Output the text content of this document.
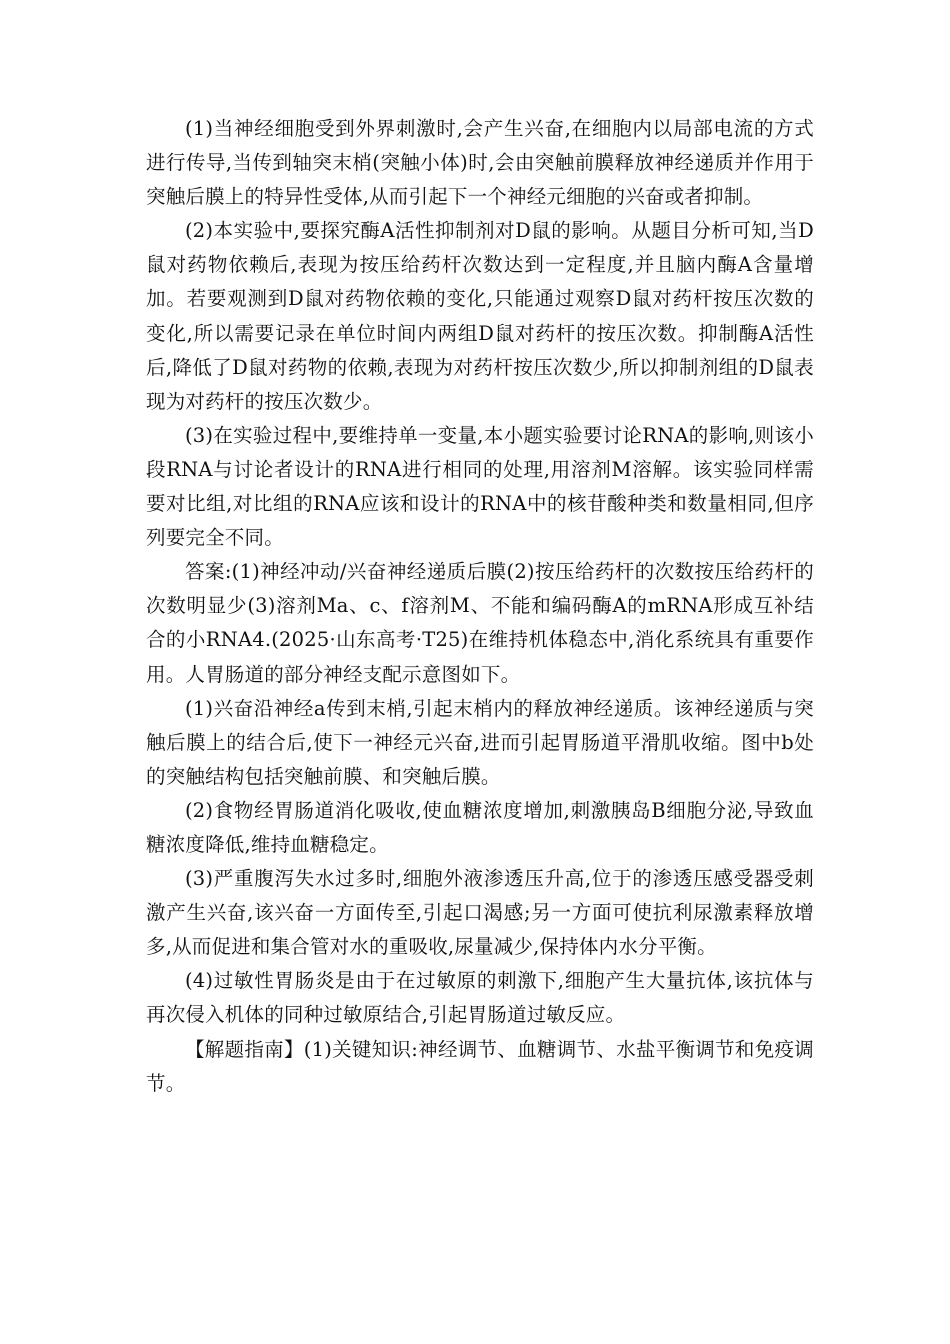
(1)当神经细胞受到外界刺激时,会产生兴奋,在细胞内以局部电流的方式进行传导,当传到轴突末梢(突触小体)时,会由突触前膜释放神经递质并作用于突触后膜上的特异性受体,从而引起下一个神经元细胞的兴奋或者抑制。

(2)本实验中,要探究酶A活性抑制剂对D鼠的影响。从题目分析可知,当D鼠对药物依赖后,表现为按压给药杆次数达到一定程度,并且脑内酶A含量增加。若要观测到D鼠对药物依赖的变化,只能通过观察D鼠对药杆按压次数的变化,所以需要记录在单位时间内两组D鼠对药杆的按压次数。抑制酶A活性后,降低了D鼠对药物的依赖,表现为对药杆按压次数少,所以抑制剂组的D鼠表现为对药杆的按压次数少。

(3)在实验过程中,要维持单一变量,本小题实验要讨论RNA的影响,则该小段RNA与讨论者设计的RNA进行相同的处理,用溶剂M溶解。该实验同样需要对比组,对比组的RNA应该和设计的RNA中的核苷酸种类和数量相同,但序列要完全不同。

答案:(1)神经冲动/兴奋神经递质后膜(2)按压给药杆的次数按压给药杆的次数明显少(3)溶剂Ma、c、f溶剂M、不能和编码酶A的mRNA形成互补结合的小RNA4.(2025·山东高考·T25)在维持机体稳态中,消化系统具有重要作用。人胃肠道的部分神经支配示意图如下。

(1)兴奋沿神经a传到末梢,引起末梢内的释放神经递质。该神经递质与突触后膜上的结合后,使下一神经元兴奋,进而引起胃肠道平滑肌收缩。图中b处的突触结构包括突触前膜、和突触后膜。

(2)食物经胃肠道消化吸收,使血糖浓度增加,刺激胰岛B细胞分泌,导致血糖浓度降低,维持血糖稳定。

(3)严重腹泻失水过多时,细胞外液渗透压升高,位于的渗透压感受器受刺激产生兴奋,该兴奋一方面传至,引起口渴感;另一方面可使抗利尿激素释放增多,从而促进和集合管对水的重吸收,尿量减少,保持体内水分平衡。

(4)过敏性胃肠炎是由于在过敏原的刺激下,细胞产生大量抗体,该抗体与再次侵入机体的同种过敏原结合,引起胃肠道过敏反应。

【解题指南】(1)关键知识:神经调节、血糖调节、水盐平衡调节和免疫调节。
